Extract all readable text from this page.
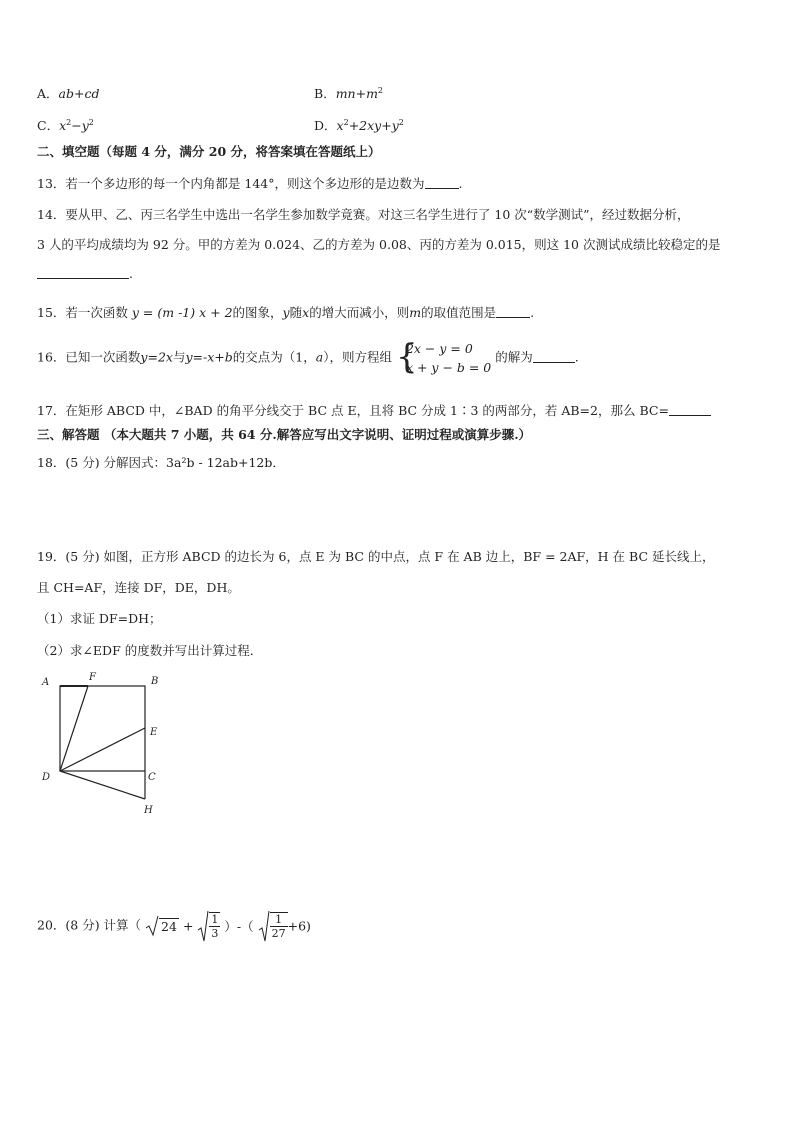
A．ab+cd	B．$mn+m^2$
C．$x^2-y^2$	D．$x^2+2xy+y^2$
二、填空题（每题 4 分，满分 20 分，将答案填在答题纸上）
13．若一个多边形的每一个内角都是 144°，则这个多边形的是边数为	.
14．要从甲、乙、丙三名学生中选出一名学生参加数学竟赛。对这三名学生进行了 10 次“数学测试”，经过数据分析，
3 人的平均成绩均为 92 分。甲的方差为 0.024、乙的方差为 0.08、丙的方差为 0.015，则这 10 次测试成绩比较稳定的是
.
15．若一次函数 y = (m -1) x + 2的图象，y随x的增大而减小，则m的取值范围是	.
16．已知一次函数y=2x与y=-x+b的交点为（1，a），则方程组 {
2x − y = 0
x + y − b = 0
的解为	.
17．在矩形 ABCD 中，∠BAD 的角平分线交于 BC 点 E，且将 BC 分成 1∶3 的两部分，若 AB=2，那么 BC=
三、解答题 （本大题共 7 小题，共 64 分.解答应写出文字说明、证明过程或演算步骤.）
18．(5 分) 分解因式：3a²b - 12ab+12b．
19．(5 分) 如图，正方形 ABCD 的边长为 6，点 E 为 BC 的中点，点 F 在 AB 边上，BF = 2AF，H 在 BC 延长线上，
且 CH=AF，连接 DF，DE，DH。
（1）求证 DF=DH；
（2）求∠EDF 的度数并写出计算过程．
A	F	B
E
D	C
H
20．(8 分) 计算（ $24 + \frac{1}{3}$ ）-（ $\frac{1}{27} +6$)
